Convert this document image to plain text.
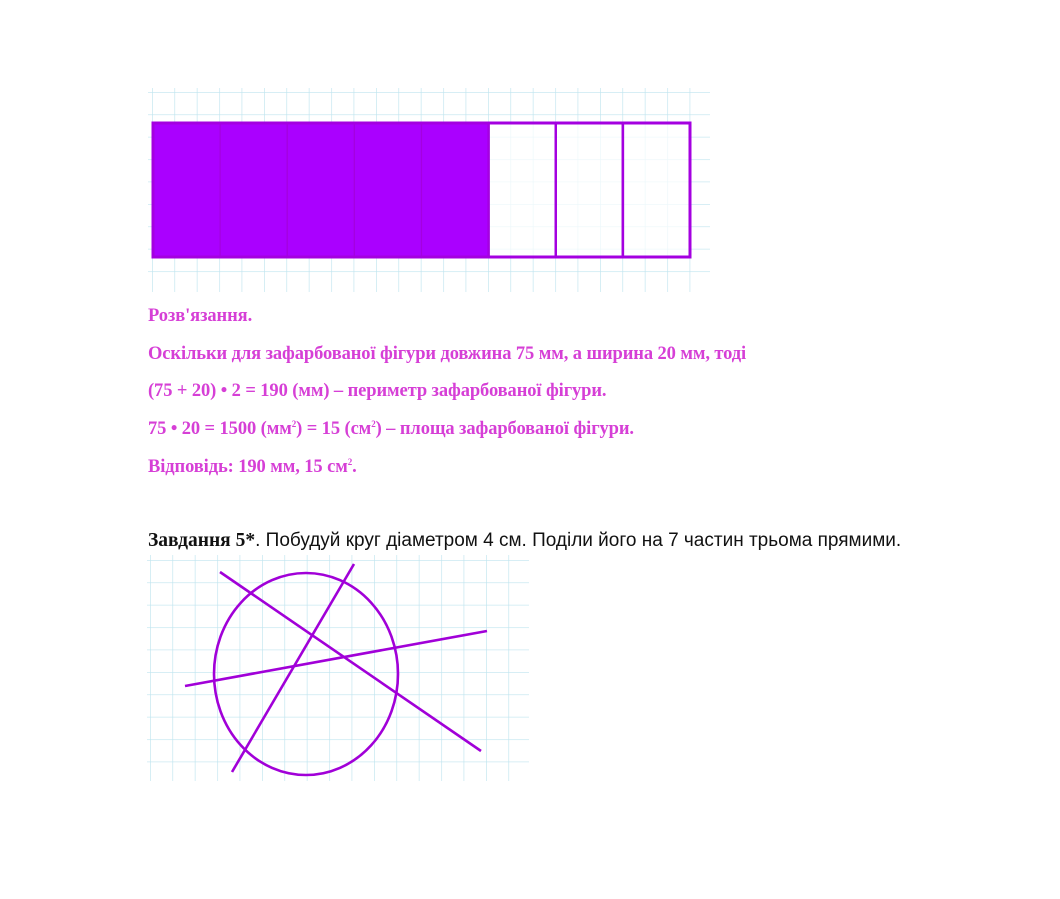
Розв'язання.
Оскільки для зафарбованої фігури довжина 75 мм, а ширина 20 мм, тоді
(75 + 20) • 2 = 190 (мм) – периметр зафарбованої фігури.
75 • 20 = 1500 $(мм^2) = 15$ $(см^2)$ – площа зафарбованої фігури.
Відповідь: 190 мм, 15 $см^2$.
Завдання 5*. Побудуй круг діаметром 4 см. Поділи його на 7 частин трьома прямими.
